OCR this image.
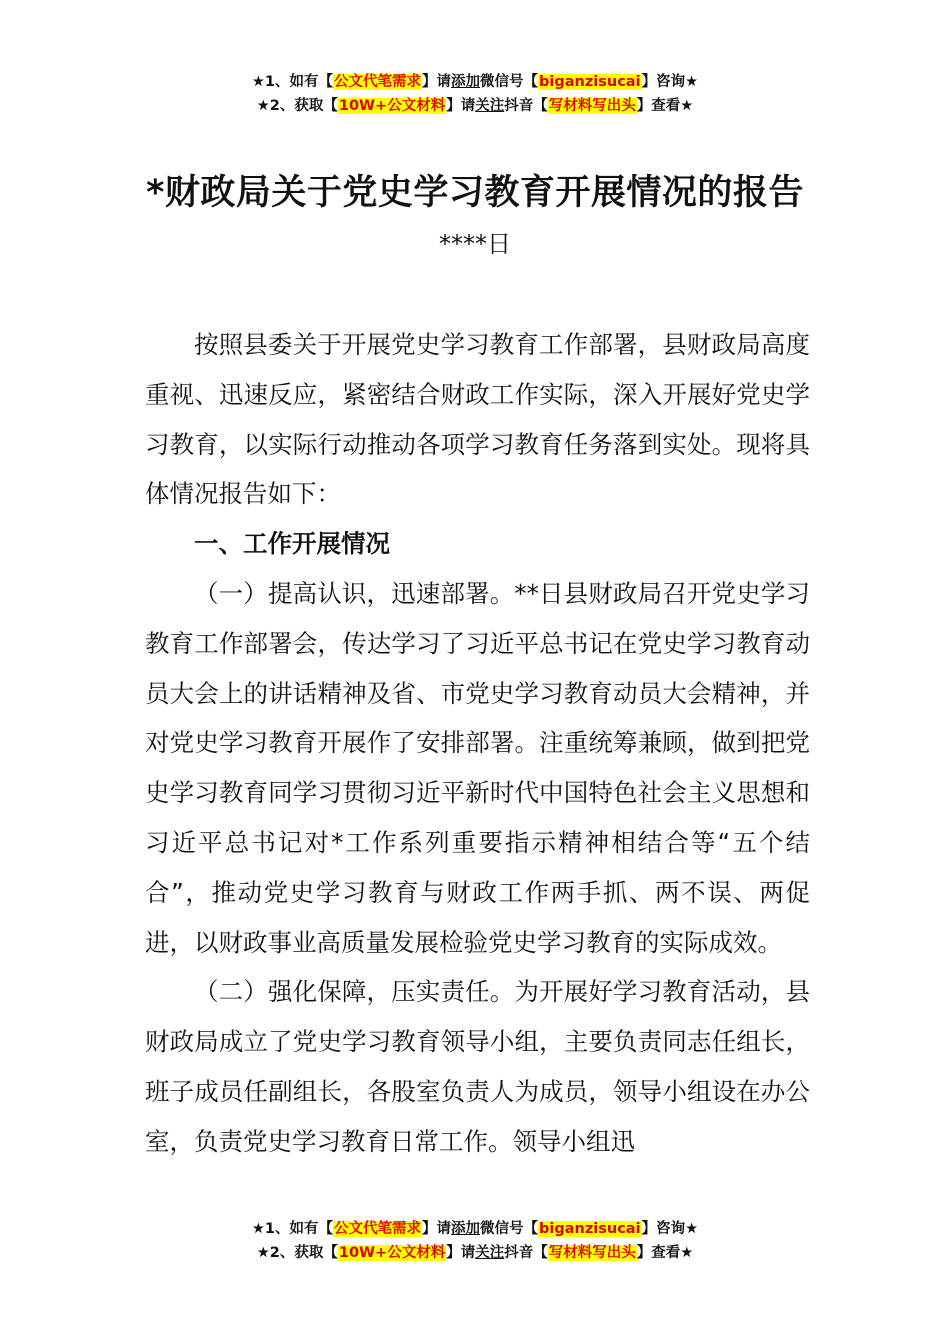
★1、如有【公文代笔需求】请添加微信号【biganzisucai】咨询★
★2、获取【10W+公文材料】请关注抖音【写材料写出头】查看★
*财政局关于党史学习教育开展情况的报告
****日

按照县委关于开展党史学习教育工作部署，县财政局高度重视、迅速反应，紧密结合财政工作实际，深入开展好党史学习教育，以实际行动推动各项学习教育任务落到实处。现将具体情况报告如下：

一、工作开展情况

（一）提高认识，迅速部署。**日县财政局召开党史学习教育工作部署会，传达学习了习近平总书记在党史学习教育动员大会上的讲话精神及省、市党史学习教育动员大会精神，并对党史学习教育开展作了安排部署。注重统筹兼顾，做到把党史学习教育同学习贯彻习近平新时代中国特色社会主义思想和习近平总书记对*工作系列重要指示精神相结合等“五个结合”，推动党史学习教育与财政工作两手抓、两不误、两促进，以财政事业高质量发展检验党史学习教育的实际成效。

（二）强化保障，压实责任。为开展好学习教育活动，县财政局成立了党史学习教育领导小组，主要负责同志任组长，班子成员任副组长，各股室负责人为成员，领导小组设在办公室，负责党史学习教育日常工作。领导小组迅

★1、如有【公文代笔需求】请添加微信号【biganzisucai】咨询★
★2、获取【10W+公文材料】请关注抖音【写材料写出头】查看★
